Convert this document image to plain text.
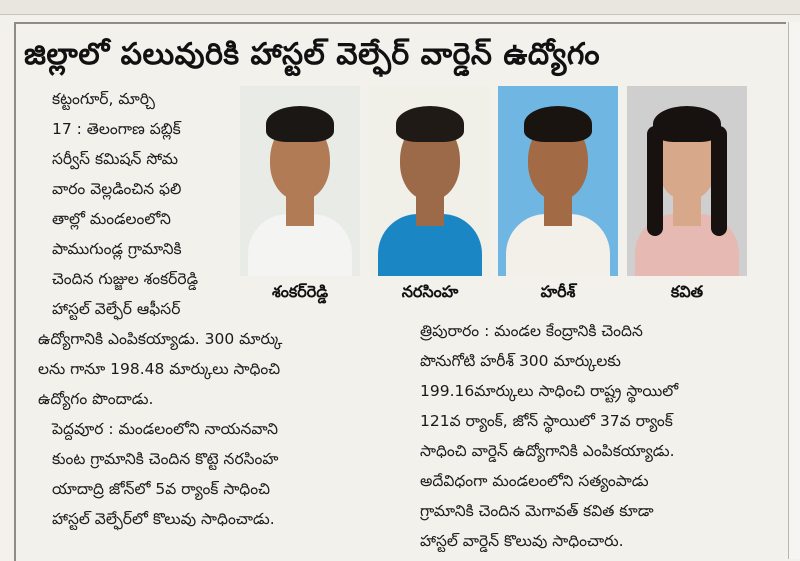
జిల్లాలో పలువురికి హాస్టల్ వెల్ఫేర్ వార్డెన్ ఉద్యోగం

కట్టంగూర్, మార్చి
17 : తెలంగాణ పబ్లిక్
సర్వీస్ కమిషన్ సోమ
వారం వెల్లడించిన ఫలి
తాల్లో మండలంలోని
పాముగుండ్ల గ్రామానికి
చెందిన గుజ్జుల శంకర్‌రెడ్డి
హాస్టల్ వెల్ఫేర్ ఆఫీసర్

ఉద్యోగానికి ఎంపికయ్యాడు. 300 మార్కు
లను గానూ 198.48 మార్కులు సాధించి
ఉద్యోగం పొందాడు.

పెద్దవూర : మండలంలోని నాయనవాని
కుంట గ్రామానికి చెందిన కొట్టె నరసింహ
యాదాద్రి జోన్‌లో 5వ ర్యాంక్ సాధించి
హాస్టల్ వెల్ఫేర్‌లో కొలువు సాధించాడు.

శంకర్‌రెడ్డి	నరసింహ	హరీశ్	కవిత

త్రిపురారం : మండల కేంద్రానికి చెందిన
పొనుగోటి హరీశ్ 300 మార్కులకు
199.16మార్కులు సాధించి రాష్ట్ర స్థాయిలో
121వ ర్యాంక్, జోన్ స్థాయిలో 37వ ర్యాంక్
సాధించి వార్డెన్ ఉద్యోగానికి ఎంపికయ్యాడు.
అదేవిధంగా మండలంలోని సత్యంపాడు
గ్రామానికి చెందిన మెగావత్ కవిత కూడా
హాస్టల్ వార్డెన్ కొలువు సాధించారు.
